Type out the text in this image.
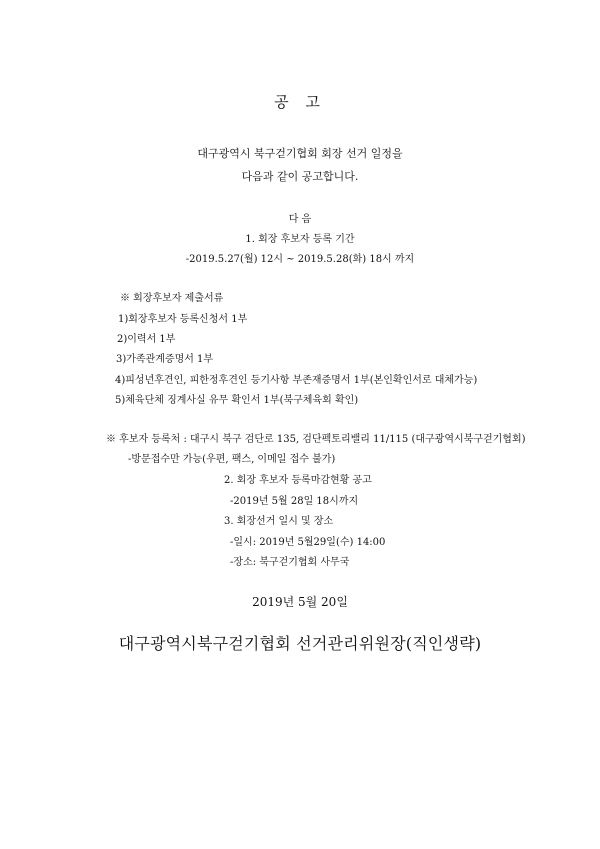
공 고
대구광역시 북구걷기협회 회장 선거 일정을
다음과 같이 공고합니다.
다 음
1. 회장 후보자 등록 기간
-2019.5.27(월) 12시 ~ 2019.5.28(화) 18시 까지
※ 회장후보자 제출서류
1)회장후보자 등록신청서 1부
2)이력서 1부
3)가족관계증명서 1부
4)피성년후견인, 피한정후견인 등기사항 부존재증명서 1부(본인확인서로 대체가능)
5)체육단체 징계사실 유무 확인서 1부(북구체육회 확인)
※ 후보자 등록처 : 대구시 북구 검단로 135, 검단펙토리밸리 11/115 (대구광역시북구걷기협회)
-방문접수만 가능(우편, 팩스, 이메일 접수 불가)
2. 회장 후보자 등록마감현황 공고
-2019년 5월 28일 18시까지
3. 회장선거 일시 및 장소
-일시: 2019년 5월29일(수) 14:00
-장소: 북구걷기협회 사무국
2019년 5월 20일
대구광역시북구걷기협회 선거관리위원장(직인생략)
